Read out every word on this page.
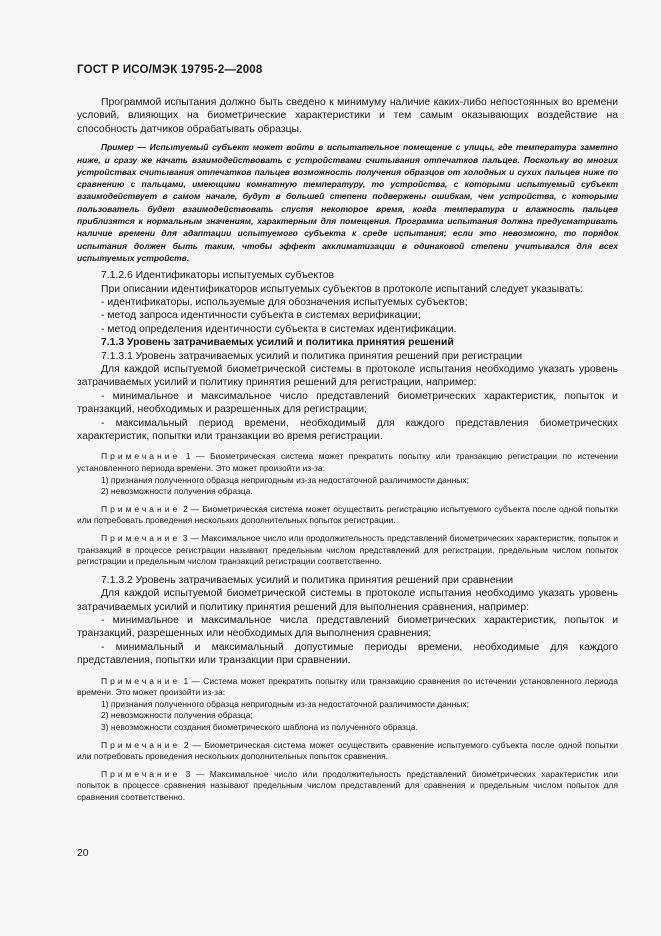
ГОСТ Р ИСО/МЭК 19795-2—2008

Программой испытания должно быть сведено к минимуму наличие каких-либо непостоянных во времени условий, влияющих на биометрические характеристики и тем самым оказывающих воздействие на способность датчиков обрабатывать образцы.

Пример — Испытуемый субъект может войти в испытательное помещение с улицы, где температура заметно ниже, и сразу же начать взаимодействовать с устройствами считывания отпечатков пальцев. Поскольку во многих устройствах считывания отпечатков пальцев возможность получения образцов от холодных и сухих пальцев ниже по сравнению с пальцами, имеющими комнатную температуру, то устройства, с которыми испытуемый субъект взаимодействует в самом начале, будут в большей степени подвержены ошибкам, чем устройства, с которыми пользователь будет взаимодействовать спустя некоторое время, когда температура и влажность пальцев приблизятся к нормальным значениям, характерным для помещения. Программа испытания должна предусматривать наличие времени для адаптации испытуемого субъекта к среде испытания; если это невозможно, то порядок испытания должен быть таким, чтобы эффект акклиматизации в одинаковой степени учитывался для всех испытуемых устройств.

7.1.2.6 Идентификаторы испытуемых субъектов

При описании идентификаторов испытуемых субъектов в протоколе испытаний следует указывать:

- идентификаторы, используемые для обозначения испытуемых субъектов;

- метод запроса идентичности субъекта в системах верификации;

- метод определения идентичности субъекта в системах идентификации.

7.1.3 Уровень затрачиваемых усилий и политика принятия решений

7.1.3.1 Уровень затрачиваемых усилий и политика принятия решений при регистрации

Для каждой испытуемой биометрической системы в протоколе испытания необходимо указать уровень затрачиваемых усилий и политику принятия решений для регистрации, например:

- минимальное и максимальное число представлений биометрических характеристик, попыток и транзакций, необходимых и разрешенных для регистрации;

- максимальный период времени, необходимый для каждого представления биометрических характеристик, попытки или транзакции во время регистрации.

Примечание 1 — Биометрическая система может прекратить попытку или транзакцию регистрации по истечении установленного периода времени. Это может произойти из-за:

1) признания полученного образца непригодным из-за недостаточной различимости данных;

2) невозможности получения образца.

Примечание 2 — Биометрическая система может осуществить регистрацию испытуемого субъекта после одной попытки или потребовать проведения нескольких дополнительных попыток регистрации.

Примечание 3 — Максимальное число или продолжительность представлений биометрических характеристик, попыток и транзакций в процессе регистрации называют предельным числом представлений для регистрации, предельным числом попыток регистрации и предельным числом транзакций регистрации соответственно.

7.1.3.2 Уровень затрачиваемых усилий и политика принятия решений при сравнении

Для каждой испытуемой биометрической системы в протоколе испытания необходимо указать уровень затрачиваемых усилий и политику принятия решений для выполнения сравнения, например:

- минимальное и максимальное числа представлений биометрических характеристик, попыток и транзакций, разрешенных или необходимых для выполнения сравнения;

- минимальный и максимальный допустимые периоды времени, необходимые для каждого представления, попытки или транзакции при сравнении.

Примечание 1 — Система может прекратить попытку или транзакцию сравнения по истечении установленного периода времени. Это может произойти из-за:

1) признания полученного образца непригодным из-за недостаточной различимости данных;

2) невозможности получения образца;

3) невозможности создания биометрического шаблона из полученного образца.

Примечание 2 — Биометрическая система может осуществить сравнение испытуемого субъекта после одной попытки или потребовать проведения нескольких дополнительных попыток сравнения.

Примечание 3 — Максимальное число или продолжительность представлений биометрических характеристик или попыток в процессе сравнения называют предельным числом представлений для сравнения и предельным числом попыток для сравнения соответственно.

20
